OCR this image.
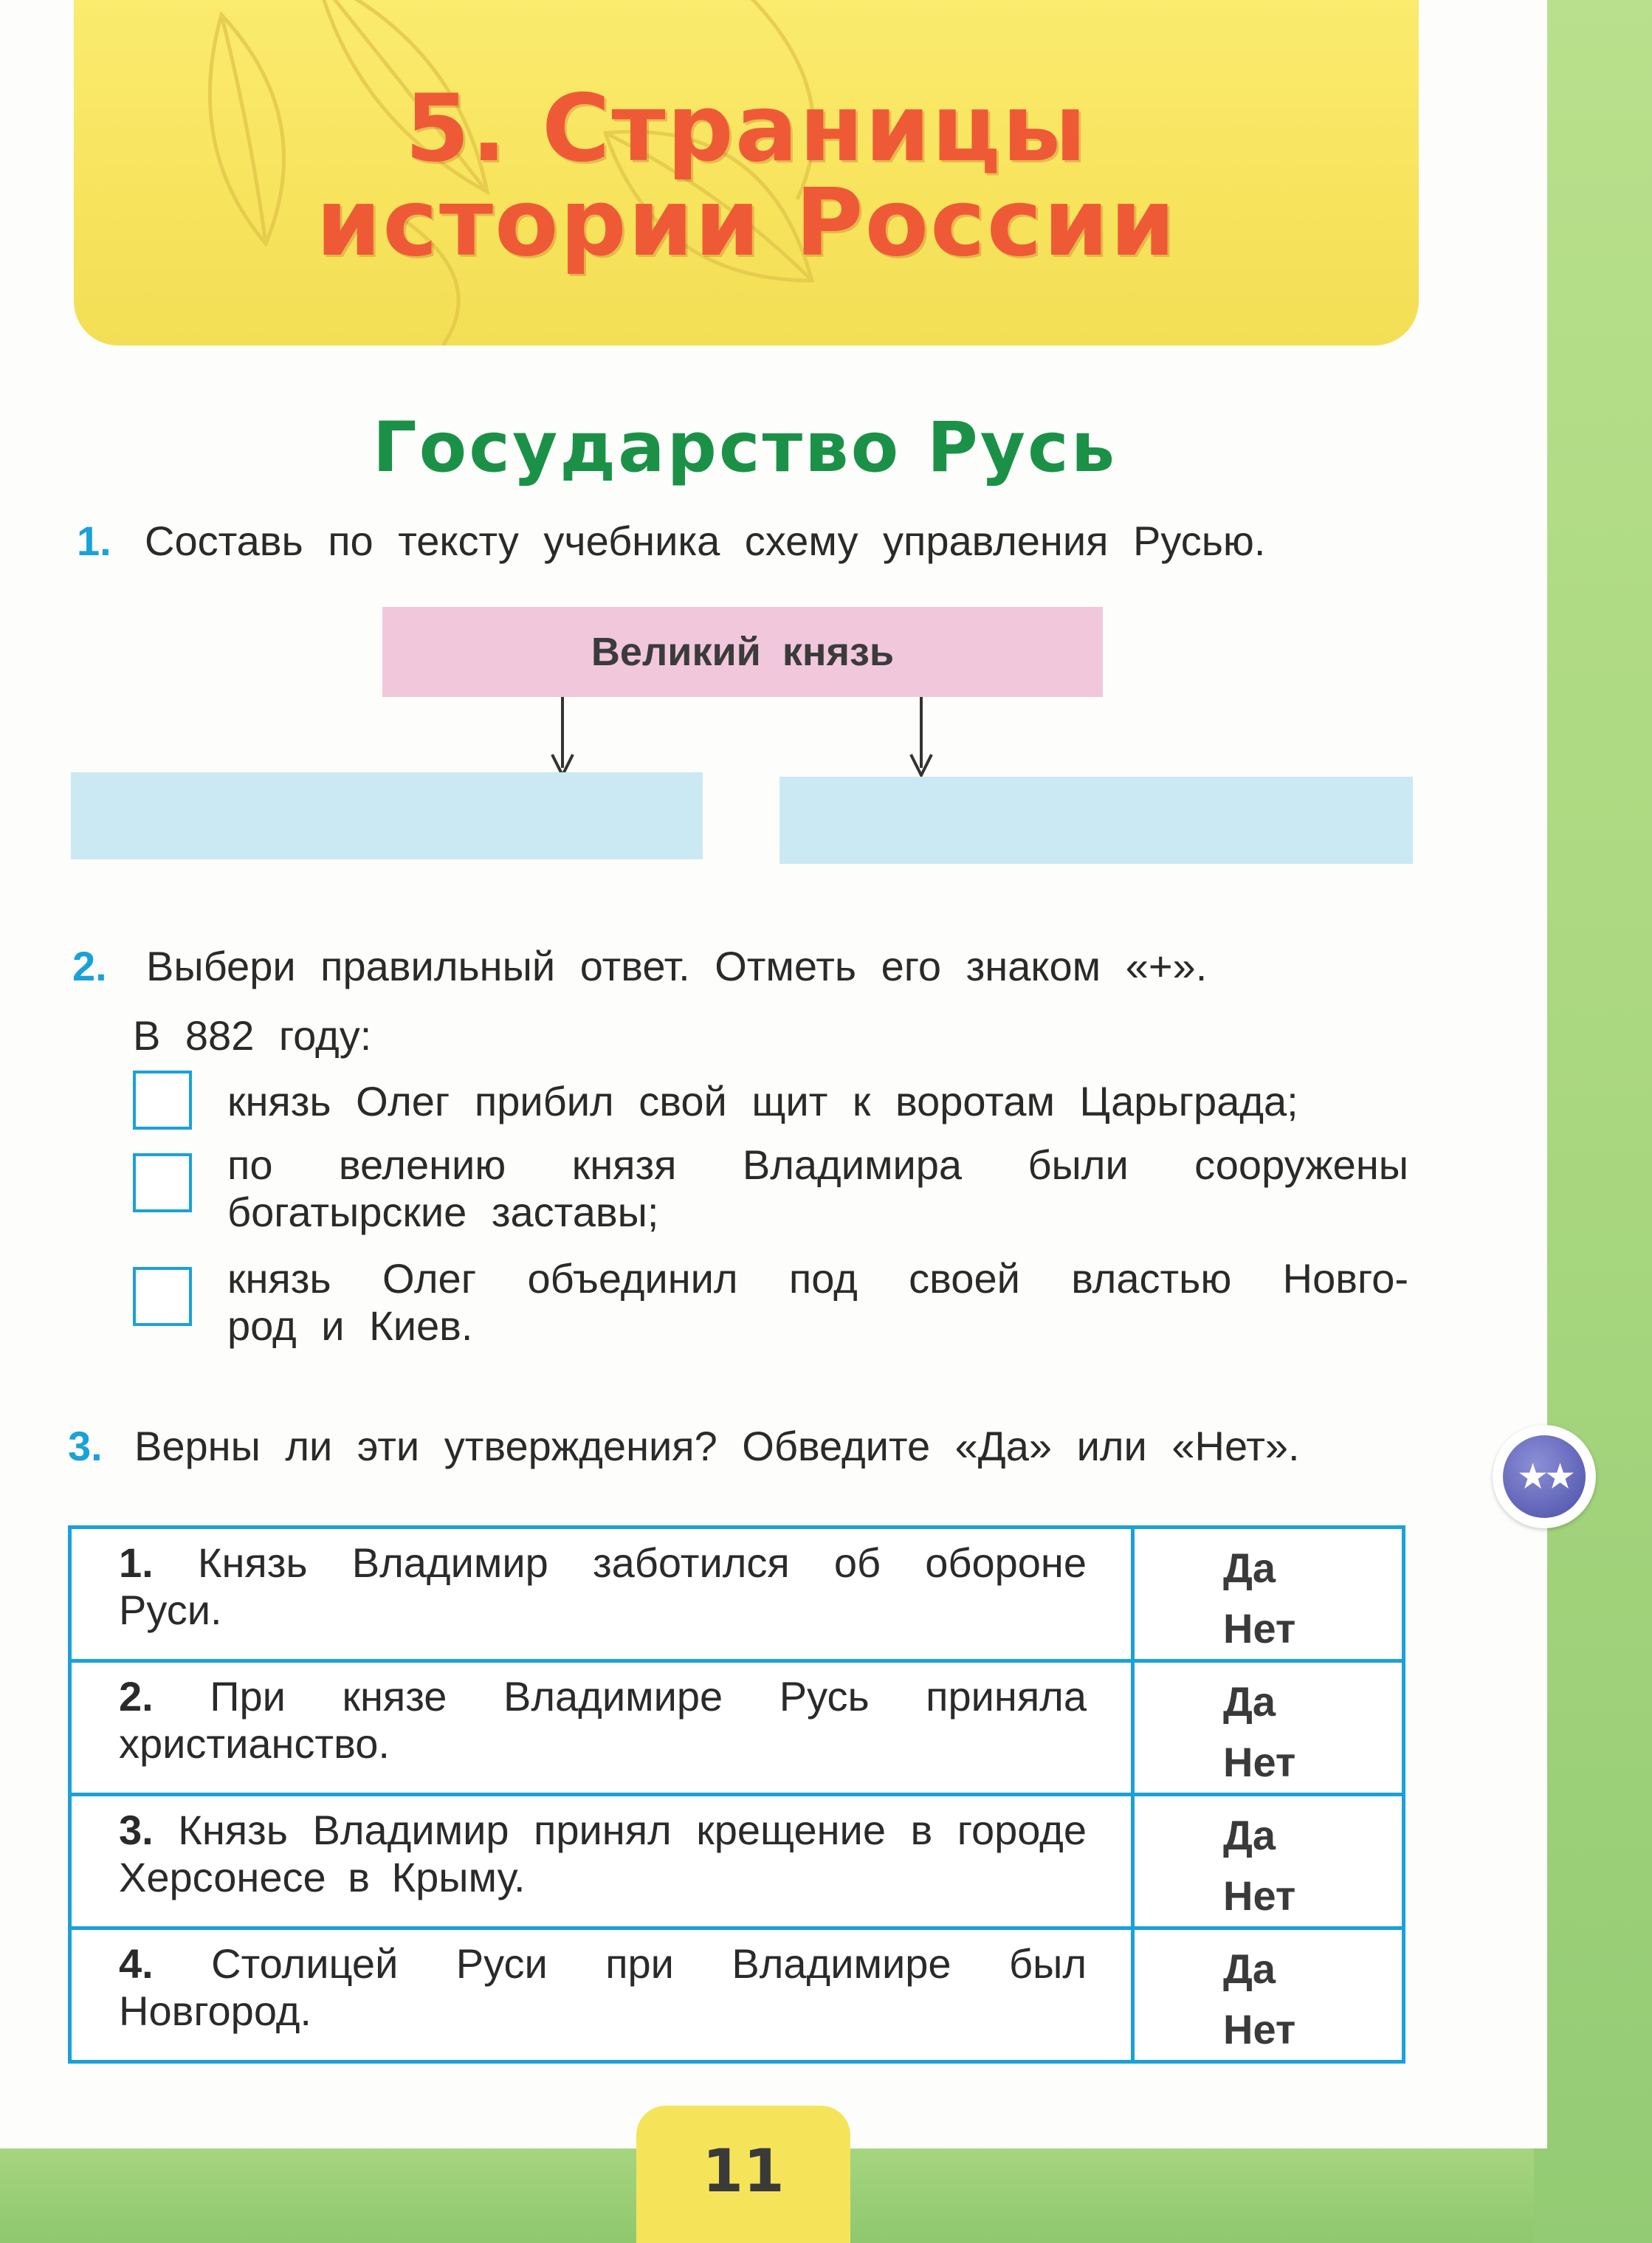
5. Страницы
истории России
Государство Русь
1. Составь по тексту учебника схему управления Русью.
Великий князь
2. Выбери правильный ответ. Отметь его знаком «+».
В 882 году:
князь Олег прибил свой щит к воротам Царьграда;
по велению князя Владимира были сооружены
богатырские заставы;
князь Олег объединил под своей властью Новго-
род и Киев.
3. Верны ли эти утверждения? Обведите «Да» или «Нет».
1. Князь Владимир заботился об обороне Руси.	Да
Нет

2. При князе Владимире Русь приняла христианство.	Да
Нет

3. Князь Владимир принял крещение в городе Херсонесе в Крыму.	Да
Нет

4. Столицей Руси при Владимире был Новгород.	Да
Нет
★★
11
